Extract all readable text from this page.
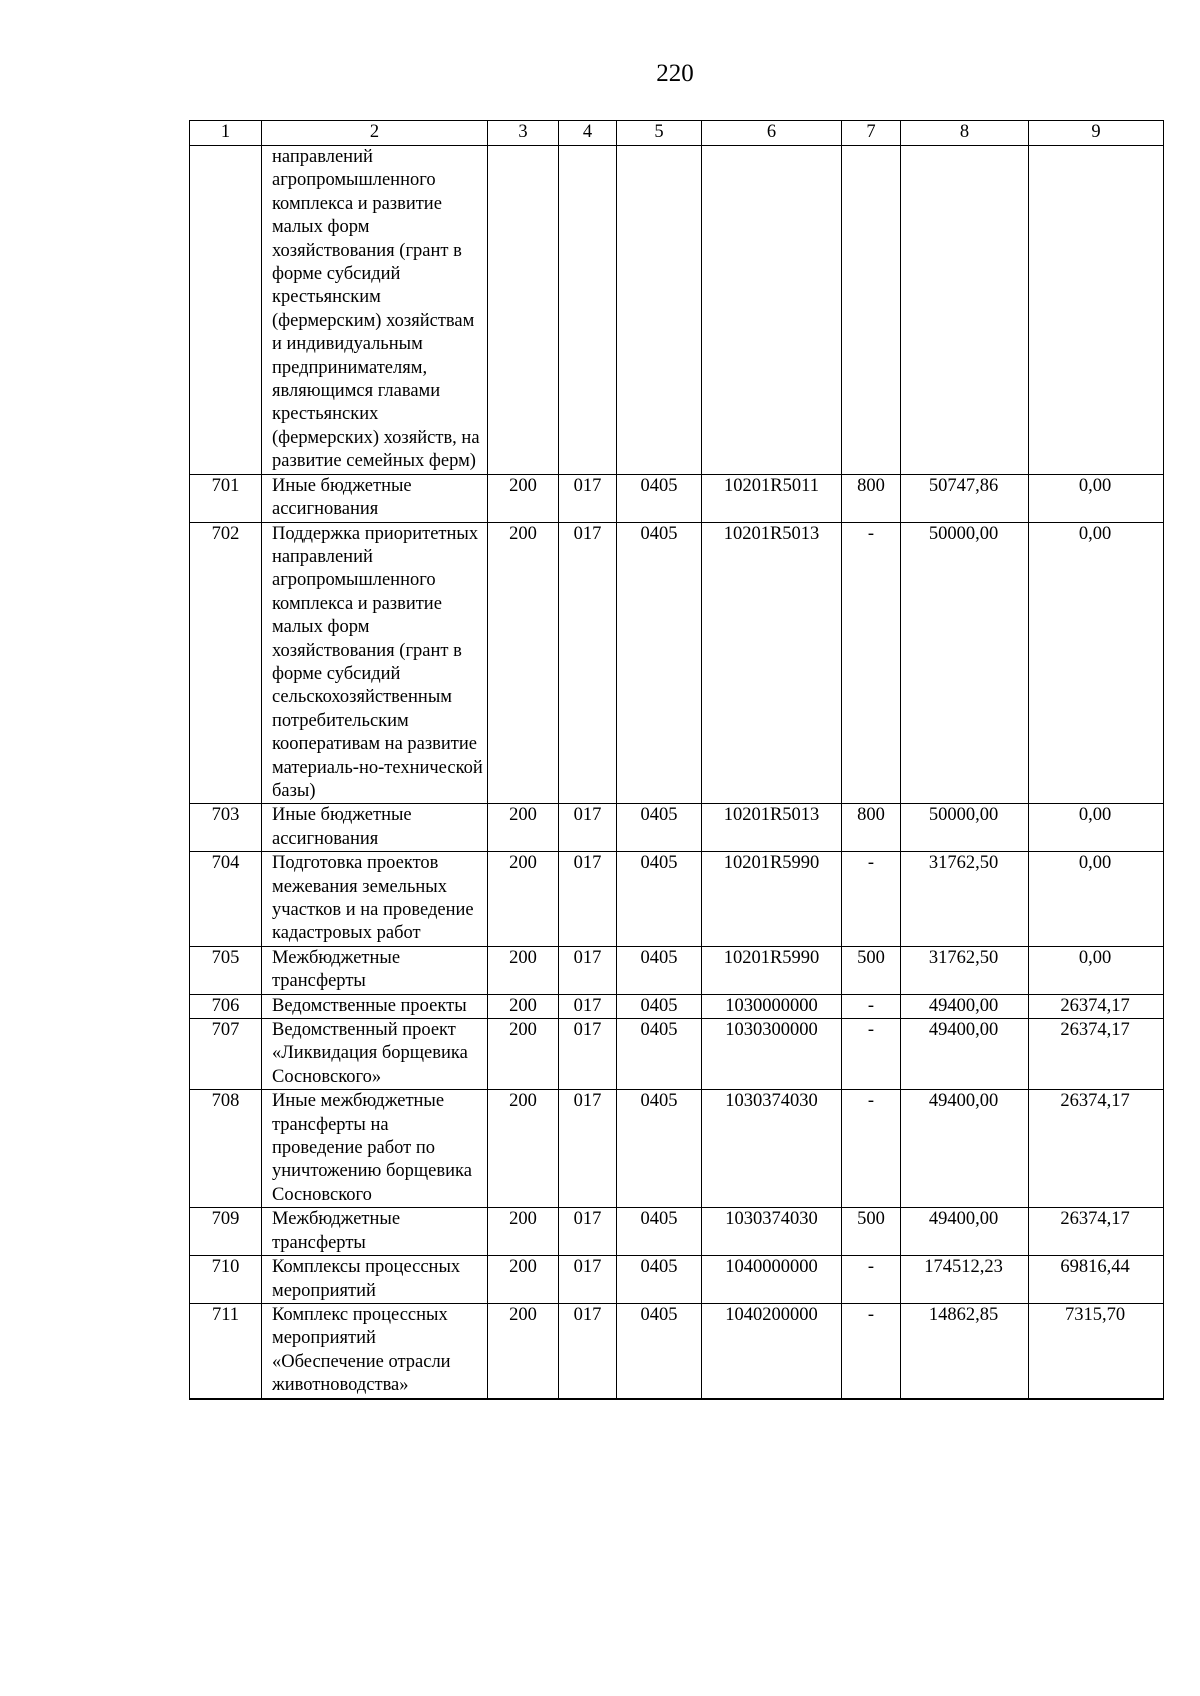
220
1	2	3	4	5	6	7	8	9
	направлений агропромышленного комплекса и развитие малых форм хозяйствования (грант в форме субсидий крестьянским (фермерским) хозяйствам и индивидуальным предпринимателям, являющимся главами крестьянских (фермерских) хозяйств, на развитие семейных ферм)							
701	Иные бюджетные ассигнования	200	017	0405	10201R5011	800	50747,86	0,00
702	Поддержка приоритетных направлений агропромышленного комплекса и развитие малых форм хозяйствования (грант в форме субсидий сельскохозяйственным потребительским кооперативам на развитие материаль-но-технической базы)	200	017	0405	10201R5013	-	50000,00	0,00
703	Иные бюджетные ассигнования	200	017	0405	10201R5013	800	50000,00	0,00
704	Подготовка проектов межевания земельных участков и на проведение кадастровых работ	200	017	0405	10201R5990	-	31762,50	0,00
705	Межбюджетные трансферты	200	017	0405	10201R5990	500	31762,50	0,00
706	Ведомственные проекты	200	017	0405	1030000000	-	49400,00	26374,17
707	Ведомственный проект «Ликвидация борщевика Сосновского»	200	017	0405	1030300000	-	49400,00	26374,17
708	Иные межбюджетные трансферты на проведение работ по уничтожению борщевика Сосновского	200	017	0405	1030374030	-	49400,00	26374,17
709	Межбюджетные трансферты	200	017	0405	1030374030	500	49400,00	26374,17
710	Комплексы процессных мероприятий	200	017	0405	1040000000	-	174512,23	69816,44
711	Комплекс процессных мероприятий «Обеспечение отрасли животноводства»	200	017	0405	1040200000	-	14862,85	7315,70
